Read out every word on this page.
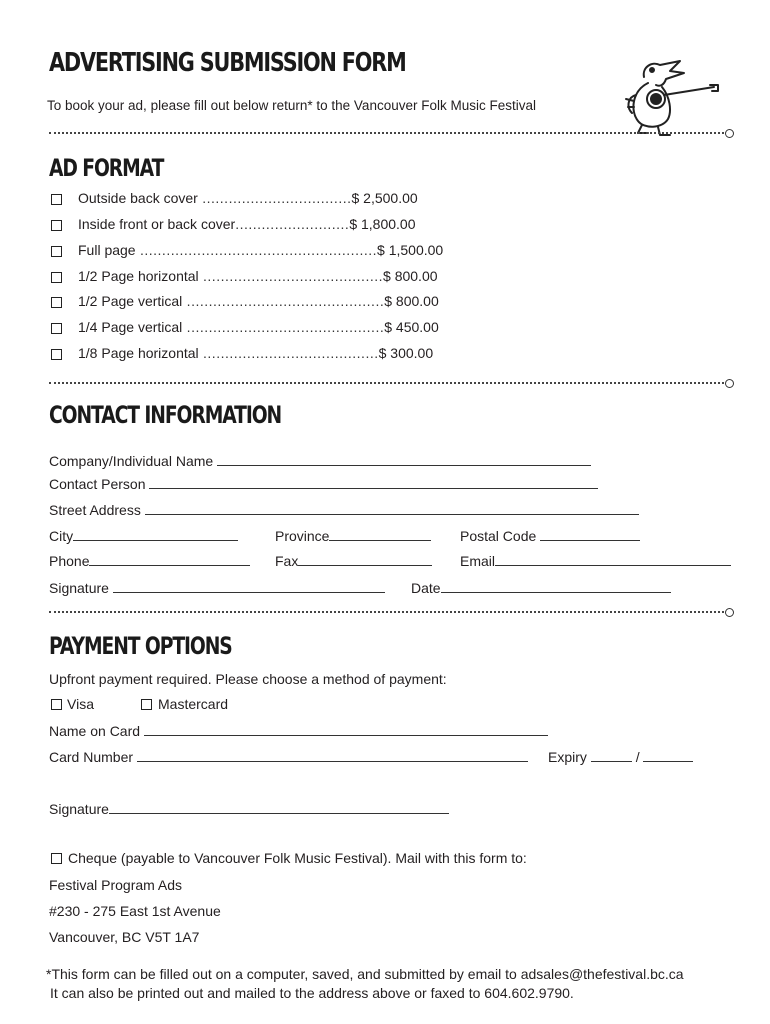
ADVERTISING SUBMISSION FORM
To book your ad, please fill out below return* to the Vancouver Folk Music Festival
AD FORMAT
Outside back cover ..................................$ 2,500.00
Inside front or back cover..........................$ 1,800.00
Full page ......................................................$ 1,500.00
1/2 Page horizontal .........................................$ 800.00
1/2 Page vertical .............................................$ 800.00
1/4 Page vertical .............................................$ 450.00
1/8 Page horizontal ........................................$ 300.00
CONTACT INFORMATION
Company/Individual Name
Contact Person
Street Address
City	Province	Postal Code
Phone	Fax	Email
Signature	Date
PAYMENT OPTIONS
Upfront payment required. Please choose a method of payment:
Visa	Mastercard
Name on Card
Card Number	Expiry	/
Signature
Cheque (payable to Vancouver Folk Music Festival). Mail with this form to:
Festival Program Ads
#230 - 275 East 1st Avenue
Vancouver, BC V5T 1A7
*This form can be filled out on a computer, saved, and submitted by email to adsales@thefestival.bc.ca
It can also be printed out and mailed to the address above or faxed to 604.602.9790.
